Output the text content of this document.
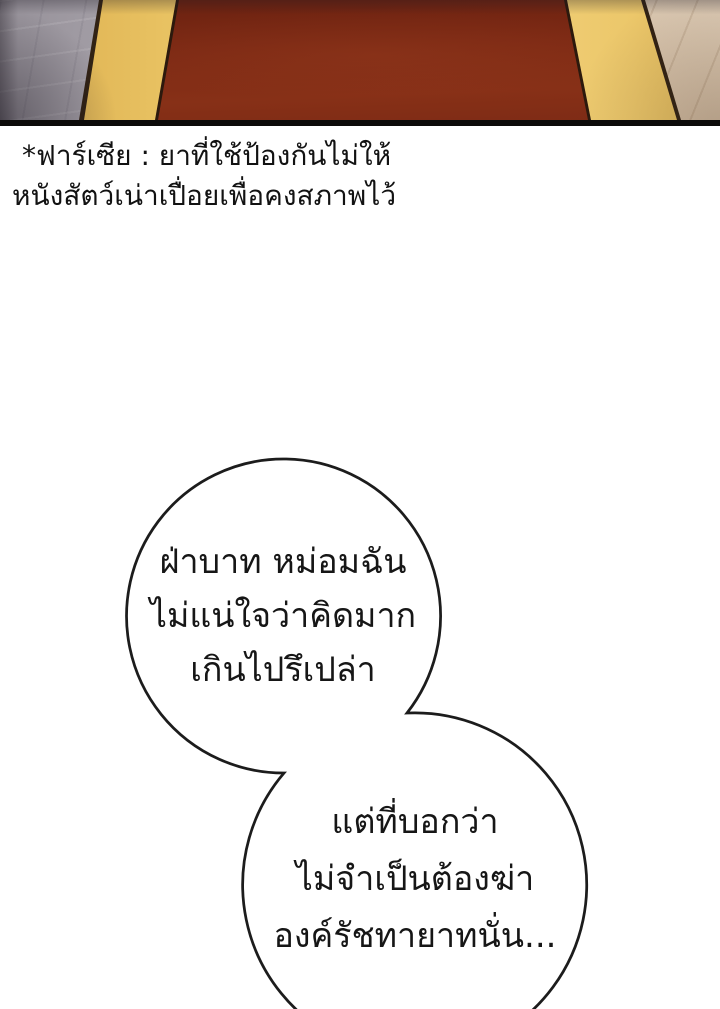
*ฟาร์เซีย : ยาที่ใช้ป้องกันไม่ให้
หนังสัตว์เน่าเปื่อยเพื่อคงสภาพไว้
ฝ่าบาท หม่อมฉัน
ไม่แน่ใจว่าคิดมาก
เกินไปรึเปล่า
แต่ที่บอกว่า
ไม่จำเป็นต้องฆ่า
องค์รัชทายาทนั่น...
